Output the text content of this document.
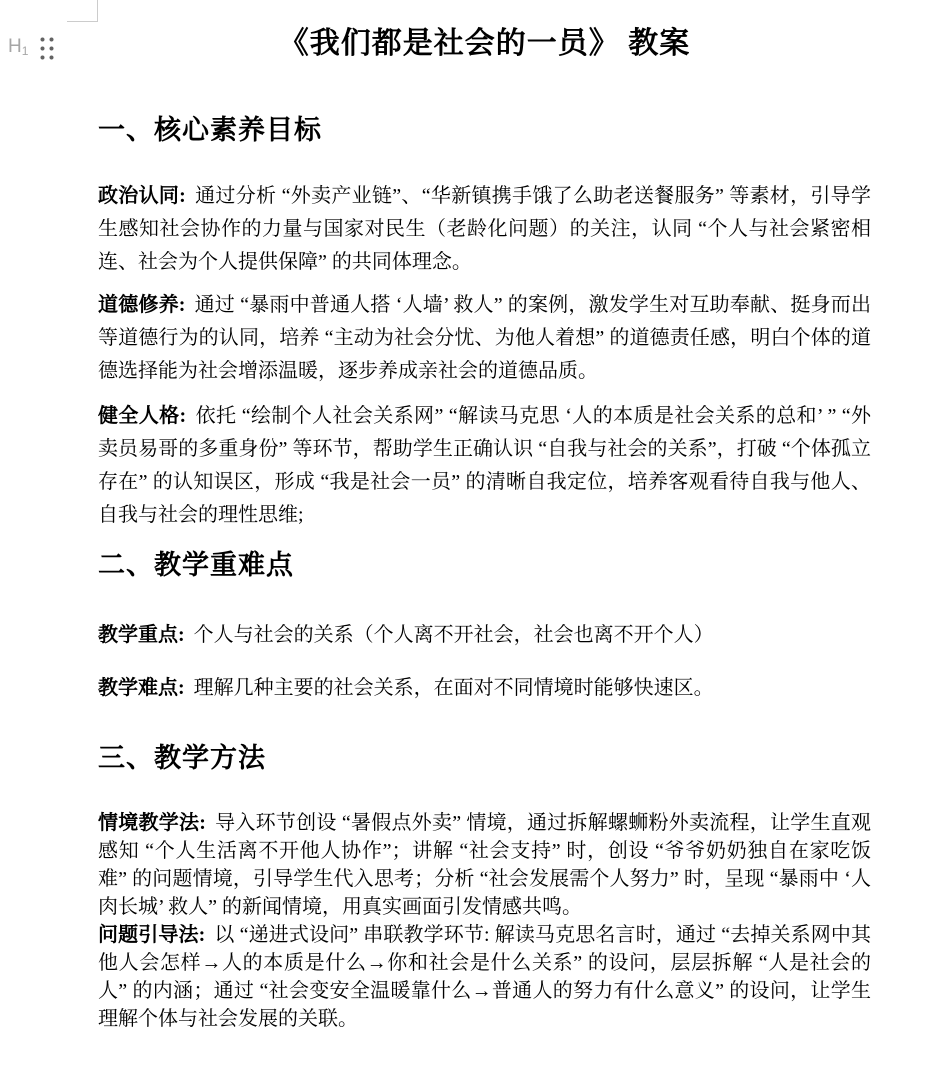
$H_1$	《我们都是社会的一员》 教案
一、核心素养目标

政治认同: 通过分析 “外卖产业链”、“华新镇携手饿了么助老送餐服务” 等素材，引导学生感知社会协作的力量与国家对民生（老龄化问题）的关注，认同 “个人与社会紧密相连、社会为个人提供保障” 的共同体理念。

道德修养: 通过 “暴雨中普通人搭 ‘人墙’ 救人” 的案例，激发学生对互助奉献、挺身而出等道德行为的认同，培养 “主动为社会分忧、为他人着想” 的道德责任感，明白个体的道德选择能为社会增添温暖，逐步养成亲社会的道德品质。

健全人格: 依托 “绘制个人社会关系网” “解读马克思 ‘人的本质是社会关系的总和’ ” “外卖员易哥的多重身份” 等环节，帮助学生正确认识 “自我与社会的关系”，打破 “个体孤立存在” 的认知误区，形成 “我是社会一员” 的清晰自我定位，培养客观看待自我与他人、自我与社会的理性思维;

二、教学重难点

教学重点: 个人与社会的关系（个人离不开社会，社会也离不开个人）

教学难点: 理解几种主要的社会关系，在面对不同情境时能够快速区。

三、教学方法

情境教学法: 导入环节创设 “暑假点外卖” 情境，通过拆解螺蛳粉外卖流程，让学生直观感知 “个人生活离不开他人协作”；讲解 “社会支持” 时，创设 “爷爷奶奶独自在家吃饭难” 的问题情境，引导学生代入思考；分析 “社会发展需个人努力” 时，呈现 “暴雨中 ‘人肉长城’ 救人” 的新闻情境，用真实画面引发情感共鸣。

问题引导法: 以 “递进式设问” 串联教学环节: 解读马克思名言时，通过 “去掉关系网中其他人会怎样→人的本质是什么→你和社会是什么关系” 的设问，层层拆解 “人是社会的人” 的内涵；通过 “社会变安全温暖靠什么→普通人的努力有什么意义” 的设问，让学生理解个体与社会发展的关联。
